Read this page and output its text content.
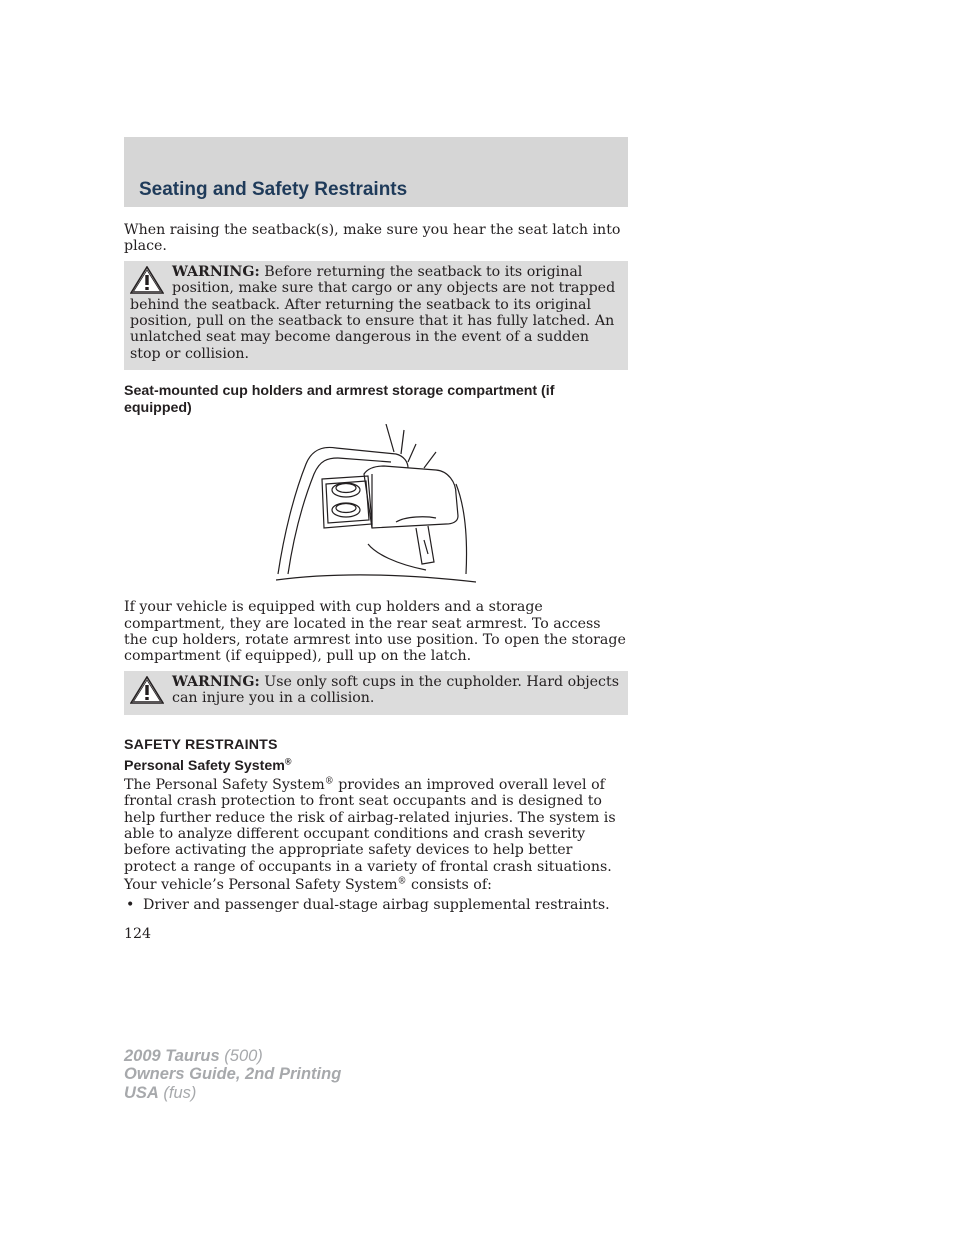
Seating and Safety Restraints

When raising the seatback(s), make sure you hear the seat latch into place.

WARNING: Before returning the seatback to its original position, make sure that cargo or any objects are not trapped behind the seatback. After returning the seatback to its original position, pull on the seatback to ensure that it has fully latched. An unlatched seat may become dangerous in the event of a sudden stop or collision.
Seat-mounted cup holders and armrest storage compartment (if equipped)

If your vehicle is equipped with cup holders and a storage compartment, they are located in the rear seat armrest. To access the cup holders, rotate armrest into use position. To open the storage compartment (if equipped), pull up on the latch.

WARNING: Use only soft cups in the cupholder. Hard objects can injure you in a collision.
SAFETY RESTRAINTS
Personal Safety System®

The Personal Safety System® provides an improved overall level of frontal crash protection to front seat occupants and is designed to help further reduce the risk of airbag-related injuries. The system is able to analyze different occupant conditions and crash severity before activating the appropriate safety devices to help better protect a range of occupants in a variety of frontal crash situations.

Your vehicle’s Personal Safety System® consists of:

• Driver and passenger dual-stage airbag supplemental restraints.
124
2009 Taurus (500)
Owners Guide, 2nd Printing
USA (fus)
